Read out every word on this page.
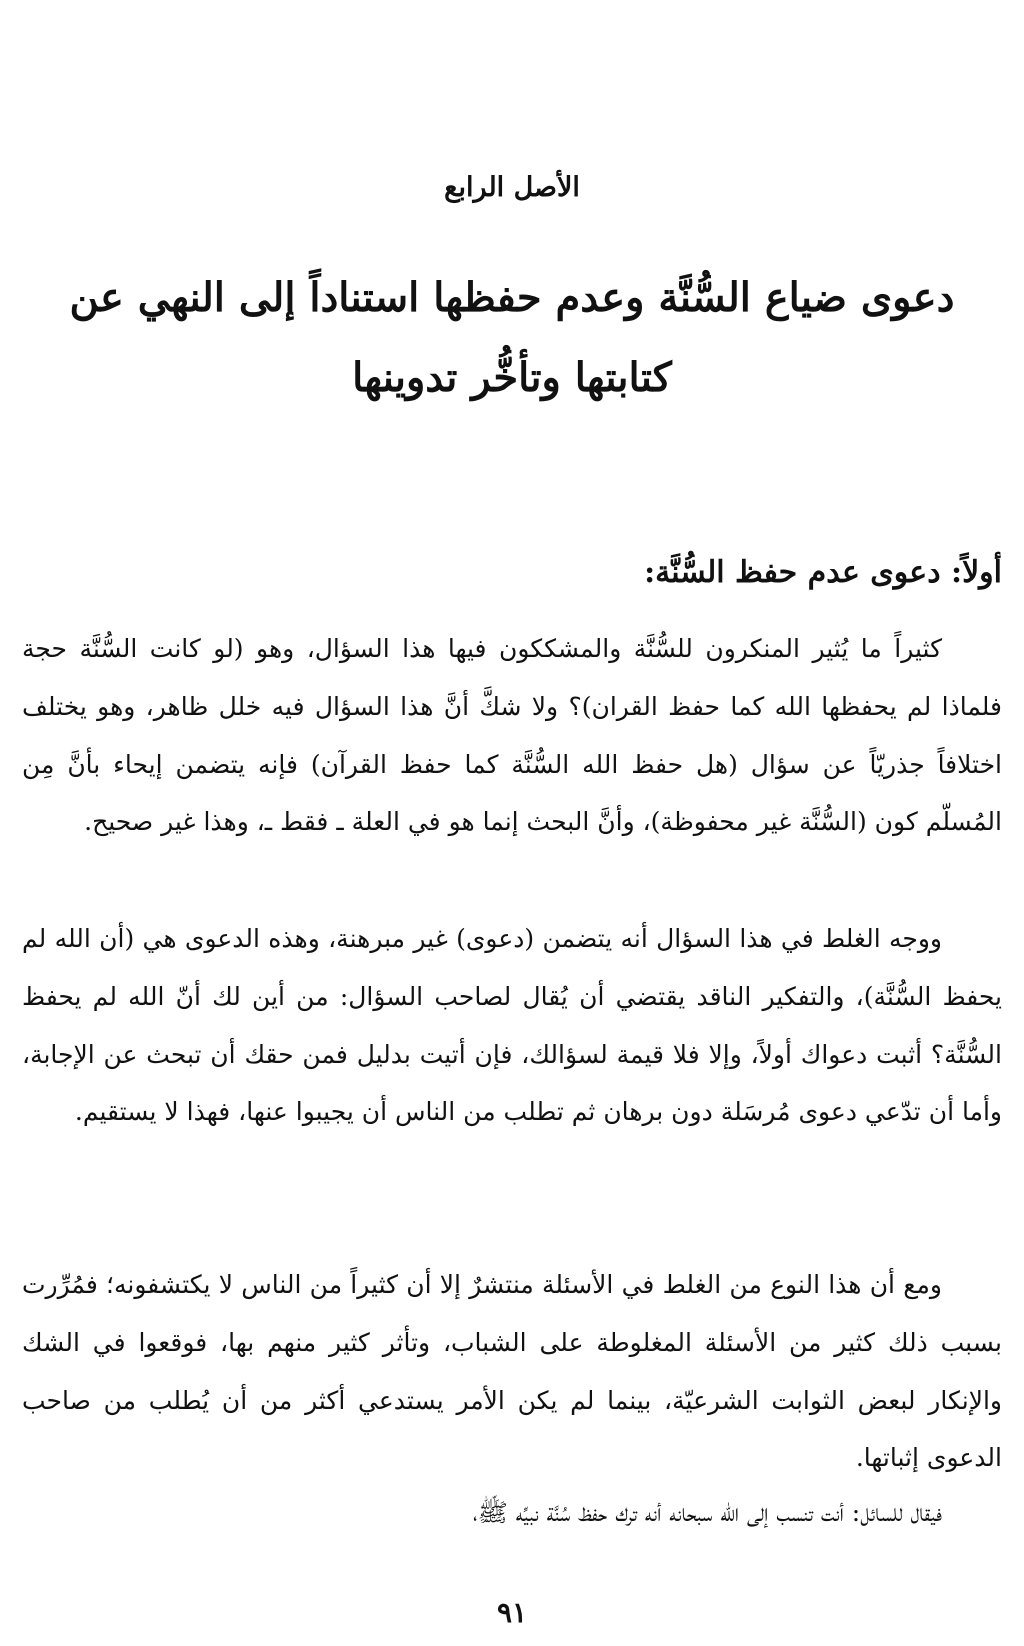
الأصل الرابع
دعوى ضياع السُّنَّة وعدم حفظها استناداً إلى النهي عن كتابتها وتأخُّر تدوينها
أولاً: دعوى عدم حفظ السُّنَّة:
كثيراً ما يُثير المنكرون للسُّنَّة والمشككون فيها هذا السؤال، وهو (لو كانت السُّنَّة حجة فلماذا لم يحفظها الله كما حفظ القران)؟ ولا شكَّ أنَّ هذا السؤال فيه خلل ظاهر، وهو يختلف اختلافاً جذريّاً عن سؤال (هل حفظ الله السُّنَّة كما حفظ القرآن) فإنه يتضمن إيحاء بأنَّ مِن المُسلّم كون (السُّنَّة غير محفوظة)، وأنَّ البحث إنما هو في العلة ـ فقط ـ، وهذا غير صحيح.
ووجه الغلط في هذا السؤال أنه يتضمن (دعوى) غير مبرهنة، وهذه الدعوى هي (أن الله لم يحفظ السُّنَّة)، والتفكير الناقد يقتضي أن يُقال لصاحب السؤال: من أين لك أنّ الله لم يحفظ السُّنَّة؟ أثبت دعواك أولاً، وإلا فلا قيمة لسؤالك، فإن أتيت بدليل فمن حقك أن تبحث عن الإجابة، وأما أن تدّعي دعوى مُرسَلة دون برهان ثم تطلب من الناس أن يجيبوا عنها، فهذا لا يستقيم.
ومع أن هذا النوع من الغلط في الأسئلة منتشرٌ إلا أن كثيراً من الناس لا يكتشفونه؛ فمُرِّرت بسبب ذلك كثير من الأسئلة المغلوطة على الشباب، وتأثر كثير منهم بها، فوقعوا في الشك والإنكار لبعض الثوابت الشرعيّة، بينما لم يكن الأمر يستدعي أكثر من أن يُطلب من صاحب الدعوى إثباتها.
فيقال للسائل: أنت تنسب إلى الله سبحانه أنه ترك حفظ سُنَّة نبيِّه ﷺ،
٩١
